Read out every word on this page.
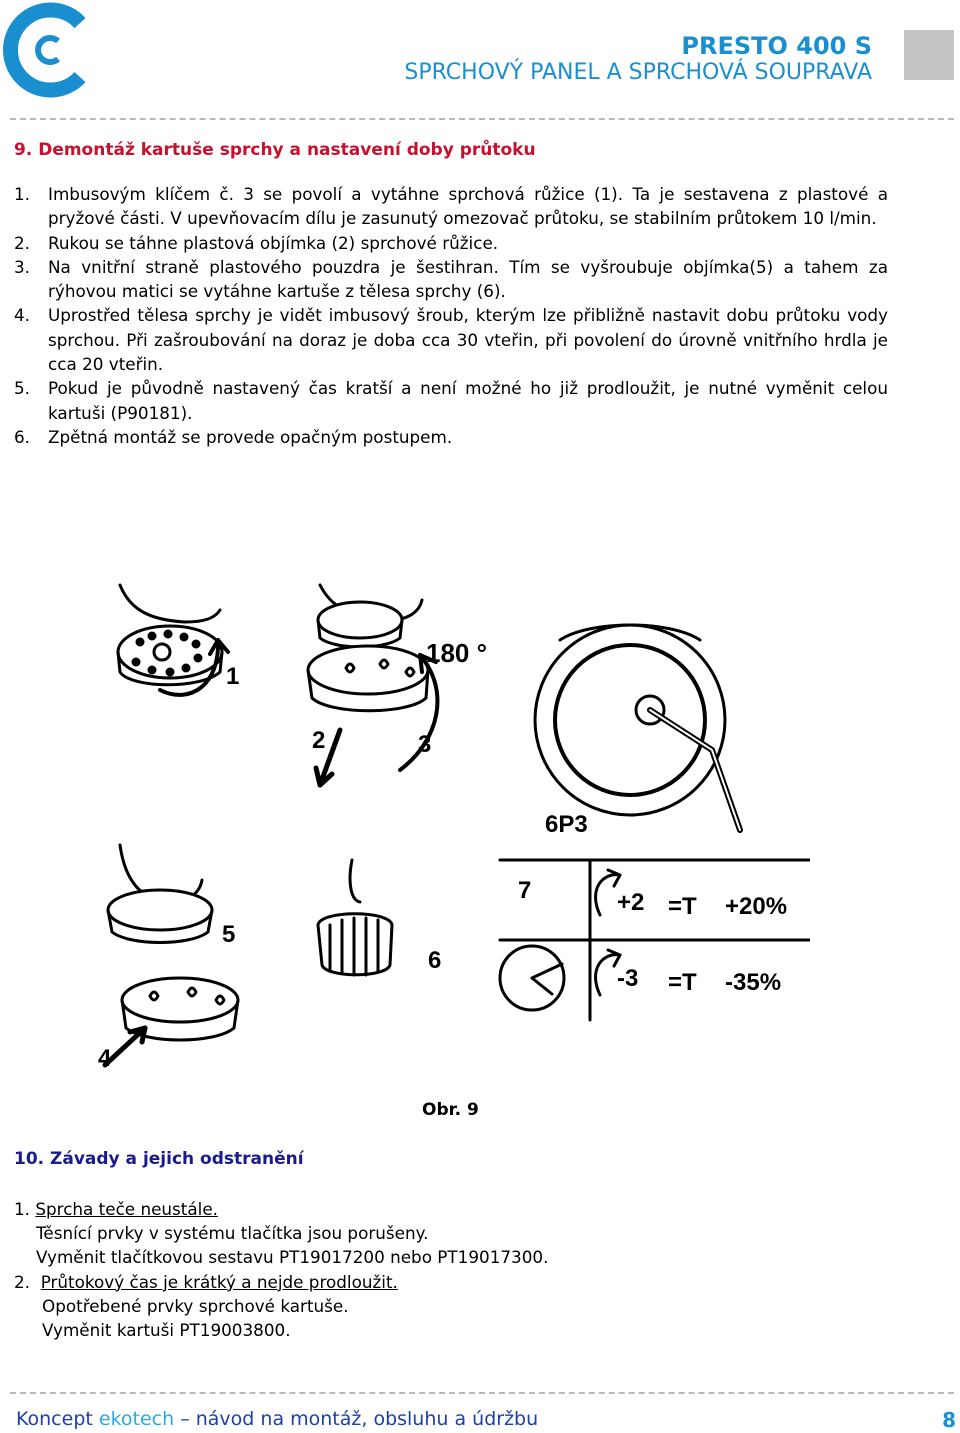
PRESTO 400 S
SPRCHOVÝ PANEL A SPRCHOVÁ SOUPRAVA
9. Demontáž kartuše sprchy a nastavení doby průtoku
1. Imbusovým klíčem č. 3 se povolí a vytáhne sprchová růžice (1). Ta je sestavena z plastové a pryžové části. V upevňovacím dílu je zasunutý omezovač průtoku, se stabilním průtokem 10 l/min.
2. Rukou se táhne plastová objímka (2) sprchové růžice.
3. Na vnitřní straně plastového pouzdra je šestihran. Tím se vyšroubuje objímka(5) a tahem za rýhovou matici se vytáhne kartuše z tělesa sprchy (6).
4. Uprostřed tělesa sprchy je vidět imbusový šroub, kterým lze přibližně nastavit dobu průtoku vody sprchou. Při zašroubování na doraz je doba cca 30 vteřin, při povolení do úrovně vnitřního hrdla je cca 20 vteřin.
5. Pokud je původně nastavený čas kratší a není možné ho již prodloužit, je nutné vyměnit celou kartuši (P90181).
6. Zpětná montáž se provede opačným postupem.
1
2	3
180 °
6P3
5
6
4
7	+2 =T +20%
-3 =T -35%
Obr. 9
10. Závady a jejich odstranění
1. Sprcha teče neustále.
Těsnící prvky v systému tlačítka jsou porušeny.
Vyměnit tlačítkovou sestavu PT19017200 nebo PT19017300.
2. Průtokový čas je krátký a nejde prodloužit.
Opotřebené prvky sprchové kartuše.
Vyměnit kartuši PT19003800.
Koncept ekotech – návod na montáž, obsluhu a údržbu	8
